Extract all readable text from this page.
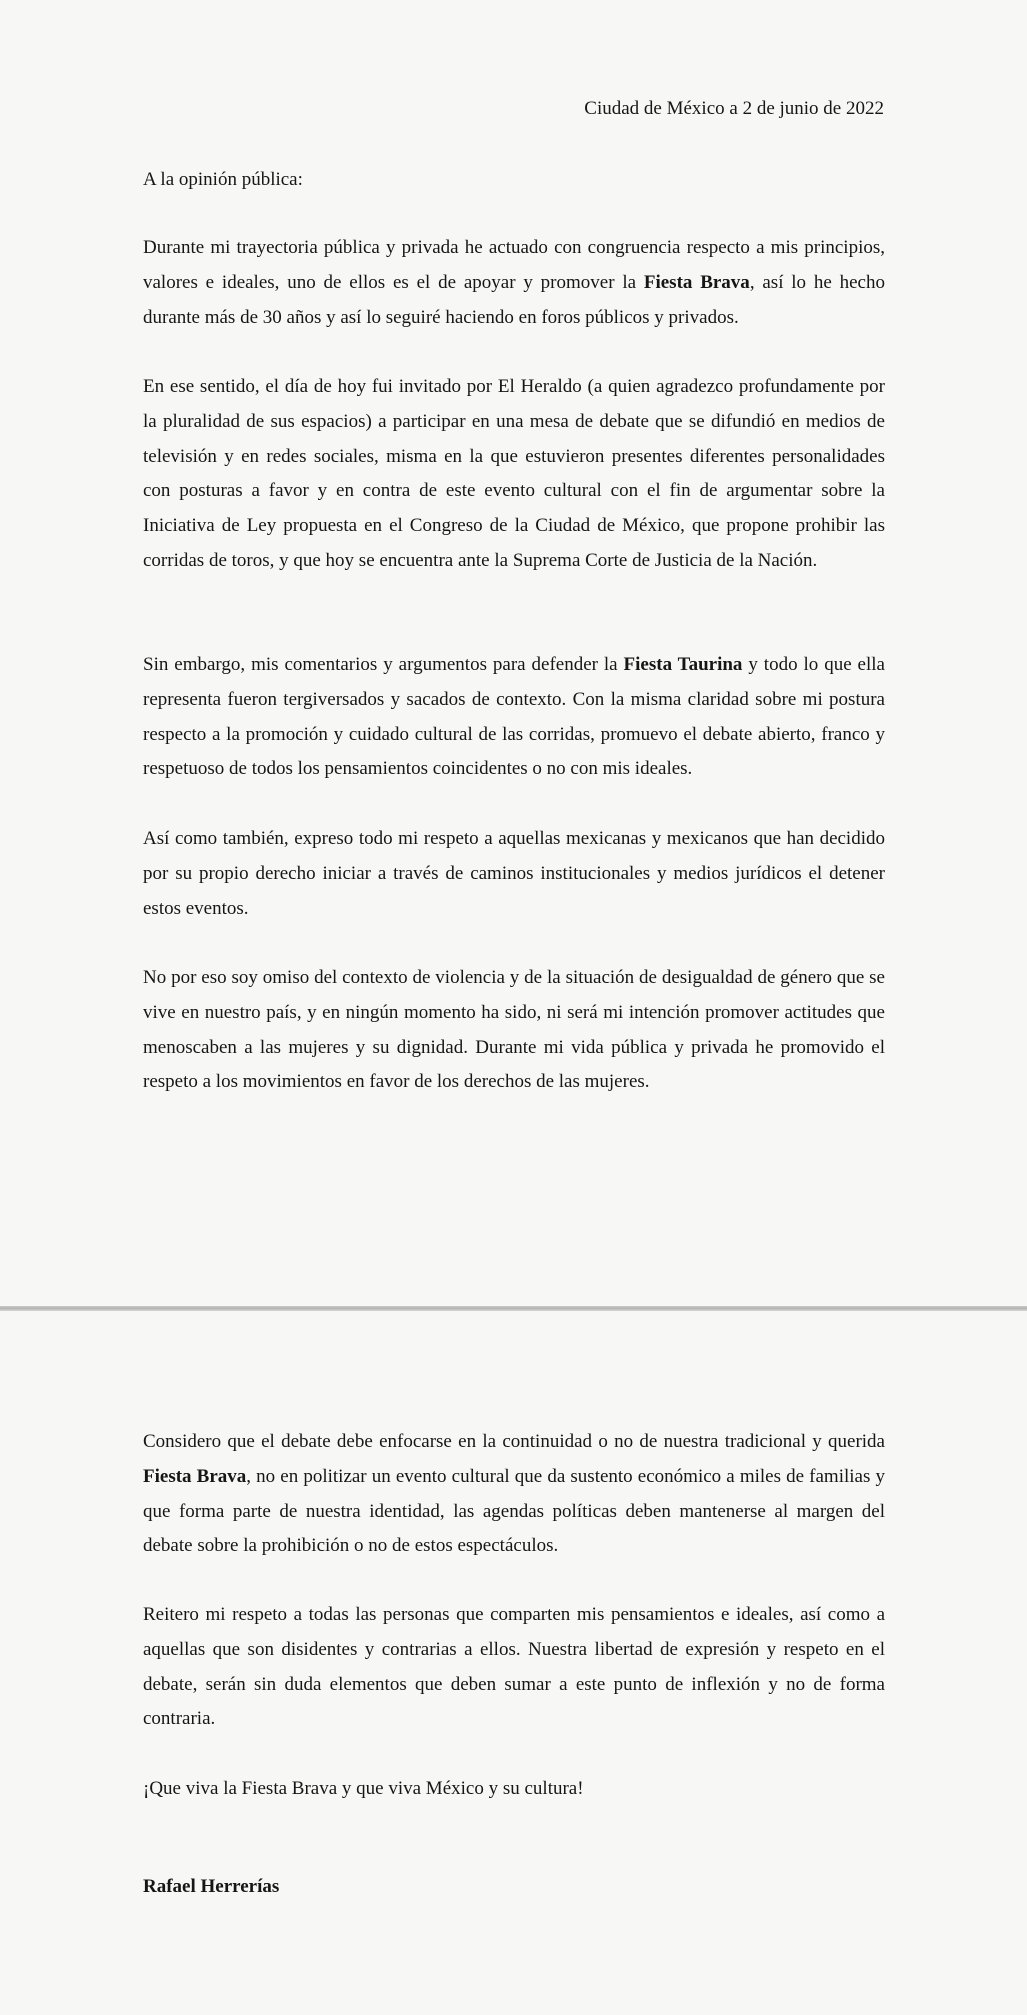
Ciudad de México a 2 de junio de 2022
A la opinión pública:
Durante mi trayectoria pública y privada he actuado con congruencia respecto a mis principios, valores e ideales, uno de ellos es el de apoyar y promover la Fiesta Brava, así lo he hecho durante más de 30 años y así lo seguiré haciendo en foros públicos y privados.
En ese sentido, el día de hoy fui invitado por El Heraldo (a quien agradezco profundamente por la pluralidad de sus espacios) a participar en una mesa de debate que se difundió en medios de televisión y en redes sociales, misma en la que estuvieron presentes diferentes personalidades con posturas a favor y en contra de este evento cultural con el fin de argumentar sobre la Iniciativa de Ley propuesta en el Congreso de la Ciudad de México, que propone prohibir las corridas de toros, y que hoy se encuentra ante la Suprema Corte de Justicia de la Nación.
Sin embargo, mis comentarios y argumentos para defender la Fiesta Taurina y todo lo que ella representa fueron tergiversados y sacados de contexto. Con la misma claridad sobre mi postura respecto a la promoción y cuidado cultural de las corridas, promuevo el debate abierto, franco y respetuoso de todos los pensamientos coincidentes o no con mis ideales.
Así como también, expreso todo mi respeto a aquellas mexicanas y mexicanos que han decidido por su propio derecho iniciar a través de caminos institucionales y medios jurídicos el detener estos eventos.
No por eso soy omiso del contexto de violencia y de la situación de desigualdad de género que se vive en nuestro país, y en ningún momento ha sido, ni será mi intención promover actitudes que menoscaben a las mujeres y su dignidad. Durante mi vida pública y privada he promovido el respeto a los movimientos en favor de los derechos de las mujeres.
Considero que el debate debe enfocarse en la continuidad o no de nuestra tradicional y querida Fiesta Brava, no en politizar un evento cultural que da sustento económico a miles de familias y que forma parte de nuestra identidad, las agendas políticas deben mantenerse al margen del debate sobre la prohibición o no de estos espectáculos.
Reitero mi respeto a todas las personas que comparten mis pensamientos e ideales, así como a aquellas que son disidentes y contrarias a ellos. Nuestra libertad de expresión y respeto en el debate, serán sin duda elementos que deben sumar a este punto de inflexión y no de forma contraria.
¡Que viva la Fiesta Brava y que viva México y su cultura!
Rafael Herrerías
